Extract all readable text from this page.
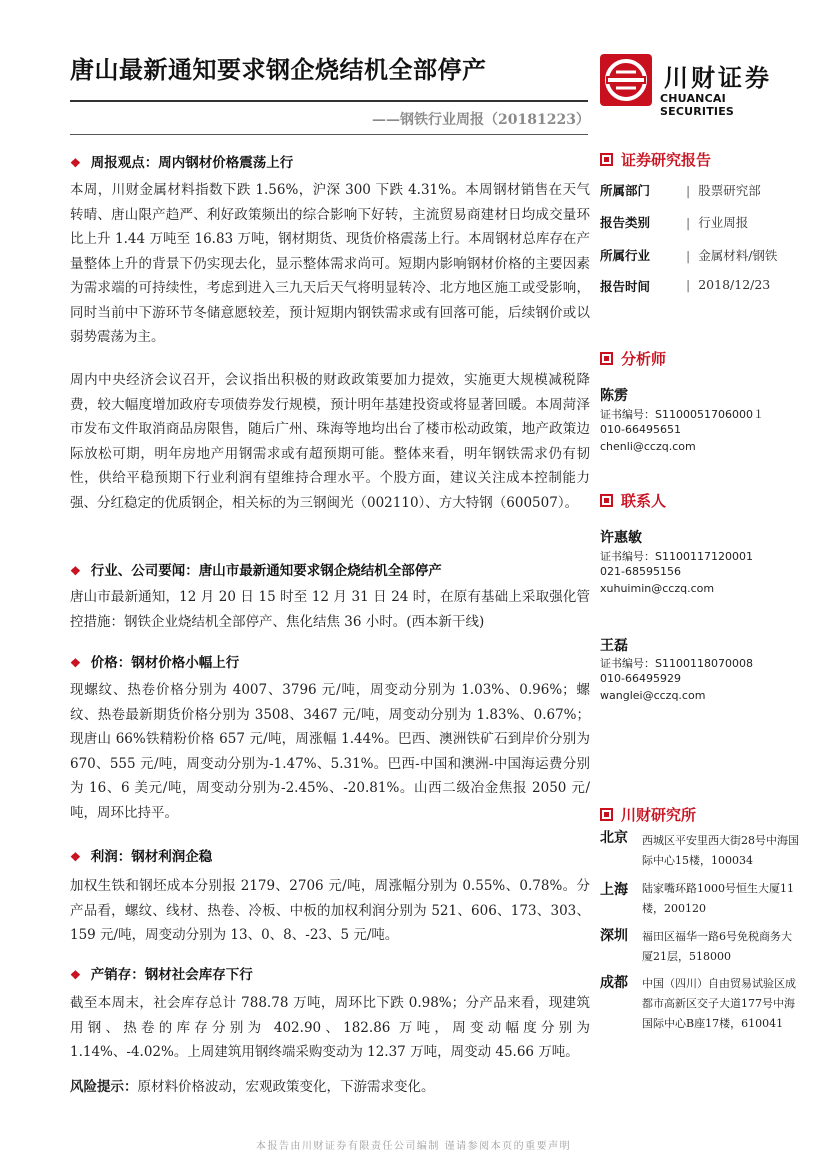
唐山最新通知要求钢企烧结机全部停产
——钢铁行业周报（20181223）
川财证券
CHUANCAI SECURITIES
❖ 周报观点：周内钢材价格震荡上行
本周，川财金属材料指数下跌 1.56%，沪深 300 下跌 4.31%。本周钢材销售在天气转晴、唐山限产趋严、利好政策频出的综合影响下好转，主流贸易商建材日均成交量环比上升 1.44 万吨至 16.83 万吨，钢材期货、现货价格震荡上行。本周钢材总库存在产量整体上升的背景下仍实现去化，显示整体需求尚可。短期内影响钢材价格的主要因素为需求端的可持续性，考虑到进入三九天后天气将明显转冷、北方地区施工或受影响，同时当前中下游环节冬储意愿较差，预计短期内钢铁需求或有回落可能，后续钢价或以弱势震荡为主。
周内中央经济会议召开，会议指出积极的财政政策要加力提效，实施更大规模减税降费，较大幅度增加政府专项债券发行规模，预计明年基建投资或将显著回暖。本周菏泽市发布文件取消商品房限售，随后广州、珠海等地均出台了楼市松动政策，地产政策边际放松可期，明年房地产用钢需求或有超预期可能。整体来看，明年钢铁需求仍有韧性，供给平稳预期下行业利润有望维持合理水平。个股方面，建议关注成本控制能力强、分红稳定的优质钢企，相关标的为三钢闽光（002110）、方大特钢（600507）。
❖ 行业、公司要闻：唐山市最新通知要求钢企烧结机全部停产
唐山市最新通知，12 月 20 日 15 时至 12 月 31 日 24 时，在原有基础上采取强化管控措施：钢铁企业烧结机全部停产、焦化结焦 36 小时。(西本新干线)
❖ 价格：钢材价格小幅上行
现螺纹、热卷价格分别为 4007、3796 元/吨，周变动分别为 1.03%、0.96%；螺纹、热卷最新期货价格分别为 3508、3467 元/吨，周变动分别为 1.83%、0.67%；现唐山 66%铁精粉价格 657 元/吨，周涨幅 1.44%。巴西、澳洲铁矿石到岸价分别为 670、555 元/吨，周变动分别为-1.47%、5.31%。巴西-中国和澳洲-中国海运费分别为 16、6 美元/吨，周变动分别为-2.45%、-20.81%。山西二级冶金焦报 2050 元/吨，周环比持平。
❖ 利润：钢材利润企稳
加权生铁和钢坯成本分别报 2179、2706 元/吨，周涨幅分别为 0.55%、0.78%。分产品看，螺纹、线材、热卷、冷板、中板的加权利润分别为 521、606、173、303、159 元/吨，周变动分别为 13、0、8、-23、5 元/吨。
❖ 产销存：钢材社会库存下行
截至本周末，社会库存总计 788.78 万吨，周环比下跌 0.98%；分产品来看，现建筑用钢、热卷的库存分别为 402.90、182.86 万吨，周变动幅度分别为 1.14%、-4.02%。上周建筑用钢终端采购变动为 12.37 万吨，周变动 45.66 万吨。
风险提示：原材料价格波动，宏观政策变化，下游需求变化。
证券研究报告
所属部门	| 股票研究部
报告类别	| 行业周报
所属行业	| 金属材料/钢铁
报告时间	| 2018/12/23
分析师
陈雳
证书编号：S1100051706000１
010-66495651
chenli@cczq.com
联系人
许惠敏
证书编号：S1100117120001
021-68595156
xuhuimin@cczq.com
王磊
证书编号：S1100118070008
010-66495929
wanglei@cczq.com
川财研究所
北京 西城区平安里西大街28号中海国际中心15楼，100034
上海 陆家嘴环路1000号恒生大厦11楼，200120
深圳 福田区福华一路6号免税商务大厦21层，518000
成都 中国（四川）自由贸易试验区成都市高新区交子大道177号中海国际中心B座17楼，610041
本报告由川财证券有限责任公司编制 谨请参阅本页的重要声明
